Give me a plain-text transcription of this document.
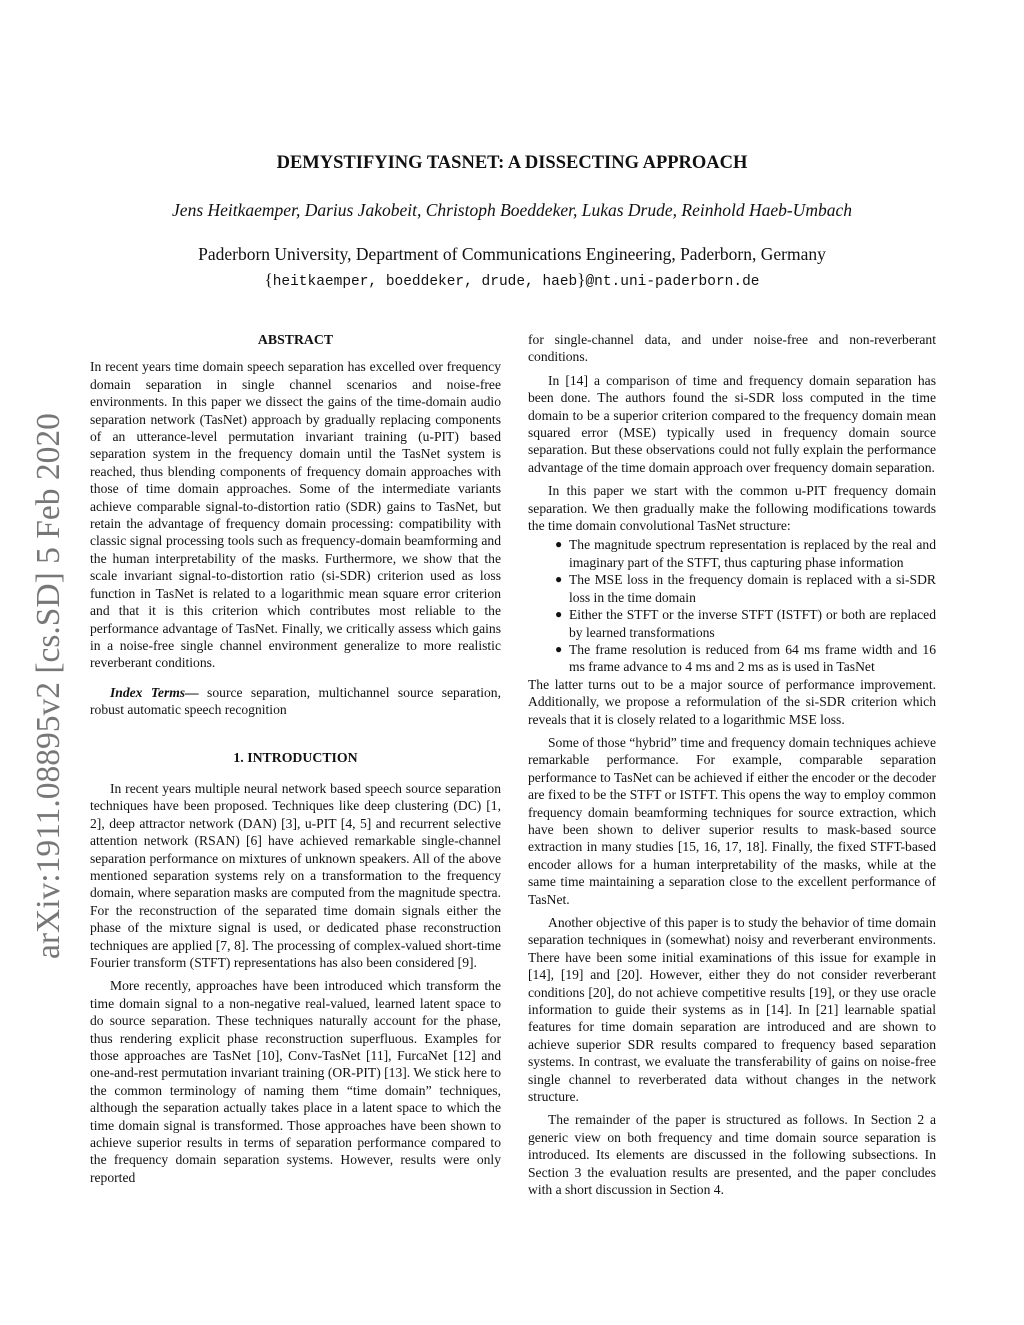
DEMYSTIFYING TASNET: A DISSECTING APPROACH
Jens Heitkaemper, Darius Jakobeit, Christoph Boeddeker, Lukas Drude, Reinhold Haeb-Umbach
Paderborn University, Department of Communications Engineering, Paderborn, Germany
{heitkaemper, boeddeker, drude, haeb}@nt.uni-paderborn.de
arXiv:1911.08895v2 [cs.SD] 5 Feb 2020
ABSTRACT

In recent years time domain speech separation has excelled over frequency domain separation in single channel scenarios and noise-free environments. In this paper we dissect the gains of the time-domain audio separation network (TasNet) approach by gradually replacing components of an utterance-level permutation invariant training (u-PIT) based separation system in the frequency domain until the TasNet system is reached, thus blending components of frequency domain approaches with those of time domain approaches. Some of the intermediate variants achieve comparable signal-to-distortion ratio (SDR) gains to TasNet, but retain the advantage of frequency domain processing: compatibility with classic signal processing tools such as frequency-domain beamforming and the human interpretability of the masks. Furthermore, we show that the scale invariant signal-to-distortion ratio (si-SDR) criterion used as loss function in TasNet is related to a logarithmic mean square error criterion and that it is this criterion which contributes most reliable to the performance advantage of TasNet. Finally, we critically assess which gains in a noise-free single channel environment generalize to more realistic reverberant conditions.

Index Terms— source separation, multichannel source separation, robust automatic speech recognition

1. INTRODUCTION

In recent years multiple neural network based speech source separation techniques have been proposed. Techniques like deep clustering (DC) [1, 2], deep attractor network (DAN) [3], u-PIT [4, 5] and recurrent selective attention network (RSAN) [6] have achieved remarkable single-channel separation performance on mixtures of unknown speakers. All of the above mentioned separation systems rely on a transformation to the frequency domain, where separation masks are computed from the magnitude spectra. For the reconstruction of the separated time domain signals either the phase of the mixture signal is used, or dedicated phase reconstruction techniques are applied [7, 8]. The processing of complex-valued short-time Fourier transform (STFT) representations has also been considered [9].

More recently, approaches have been introduced which transform the time domain signal to a non-negative real-valued, learned latent space to do source separation. These techniques naturally account for the phase, thus rendering explicit phase reconstruction superfluous. Examples for those approaches are TasNet [10], Conv-TasNet [11], FurcaNet [12] and one-and-rest permutation invariant training (OR-PIT) [13]. We stick here to the common terminology of naming them “time domain” techniques, although the separation actually takes place in a latent space to which the time domain signal is transformed. Those approaches have been shown to achieve superior results in terms of separation performance compared to the frequency domain separation systems. However, results were only reported

for single-channel data, and under noise-free and non-reverberant conditions.

In [14] a comparison of time and frequency domain separation has been done. The authors found the si-SDR loss computed in the time domain to be a superior criterion compared to the frequency domain mean squared error (MSE) typically used in frequency domain source separation. But these observations could not fully explain the performance advantage of the time domain approach over frequency domain separation.

In this paper we start with the common u-PIT frequency domain separation. We then gradually make the following modifications towards the time domain convolutional TasNet structure:

● The magnitude spectrum representation is replaced by the real and imaginary part of the STFT, thus capturing phase information
● The MSE loss in the frequency domain is replaced with a si-SDR loss in the time domain
● Either the STFT or the inverse STFT (ISTFT) or both are replaced by learned transformations
● The frame resolution is reduced from 64 ms frame width and 16 ms frame advance to 4 ms and 2 ms as is used in TasNet

The latter turns out to be a major source of performance improvement. Additionally, we propose a reformulation of the si-SDR criterion which reveals that it is closely related to a logarithmic MSE loss.

Some of those “hybrid” time and frequency domain techniques achieve remarkable performance. For example, comparable separation performance to TasNet can be achieved if either the encoder or the decoder are fixed to be the STFT or ISTFT. This opens the way to employ common frequency domain beamforming techniques for source extraction, which have been shown to deliver superior results to mask-based source extraction in many studies [15, 16, 17, 18]. Finally, the fixed STFT-based encoder allows for a human interpretability of the masks, while at the same time maintaining a separation close to the excellent performance of TasNet.

Another objective of this paper is to study the behavior of time domain separation techniques in (somewhat) noisy and reverberant environments. There have been some initial examinations of this issue for example in [14], [19] and [20]. However, either they do not consider reverberant conditions [20], do not achieve competitive results [19], or they use oracle information to guide their systems as in [14]. In [21] learnable spatial features for time domain separation are introduced and are shown to achieve superior SDR results compared to frequency based separation systems. In contrast, we evaluate the transferability of gains on noise-free single channel to reverberated data without changes in the network structure.

The remainder of the paper is structured as follows. In Section 2 a generic view on both frequency and time domain source separation is introduced. Its elements are discussed in the following subsections. In Section 3 the evaluation results are presented, and the paper concludes with a short discussion in Section 4.
